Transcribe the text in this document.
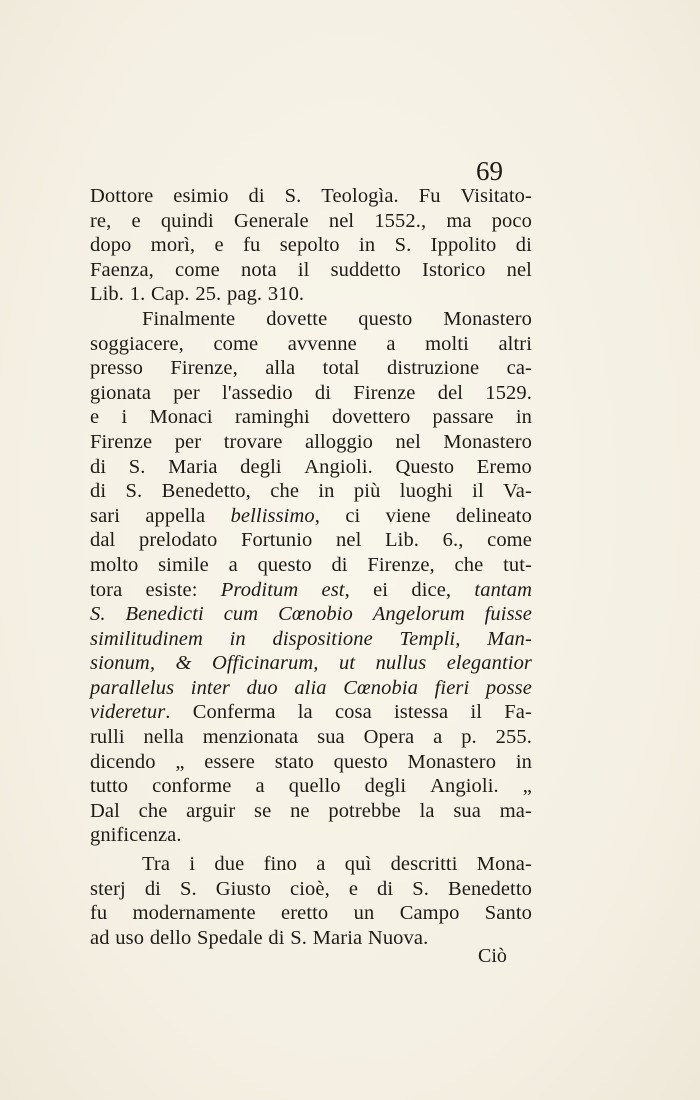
69
Dottore esimio di S. Teologìa. Fu Visitato-
re, e quindi Generale nel 1552., ma poco
dopo morì, e fu sepolto in S. Ippolito di
Faenza, come nota il suddetto Istorico nel
Lib. 1. Cap. 25. pag. 310.
Finalmente dovette questo Monastero
soggiacere, come avvenne a molti altri
presso Firenze, alla total distruzione ca-
gionata per l'assedio di Firenze del 1529.
e i Monaci raminghi dovettero passare in
Firenze per trovare alloggio nel Monastero
di S. Maria degli Angioli. Questo Eremo
di S. Benedetto, che in più luoghi il Va-
sari appella bellissimo, ci viene delineato
dal prelodato Fortunio nel Lib. 6., come
molto simile a questo di Firenze, che tut-
tora esiste: Proditum est, ei dice, tantam
S. Benedicti cum Cœnobio Angelorum fuisse
similitudinem in dispositione Templi, Man-
sionum, & Officinarum, ut nullus elegantior
parallelus inter duo alia Cœnobia fieri posse
videretur. Conferma la cosa istessa il Fa-
rulli nella menzionata sua Opera a p. 255.
dicendo „ essere stato questo Monastero in
tutto conforme a quello degli Angioli. „
Dal che arguir se ne potrebbe la sua ma-
gnificenza.
Tra i due fino a quì descritti Mona-
sterj di S. Giusto cioè, e di S. Benedetto
fu modernamente eretto un Campo Santo
ad uso dello Spedale di S. Maria Nuova.
Ciò
